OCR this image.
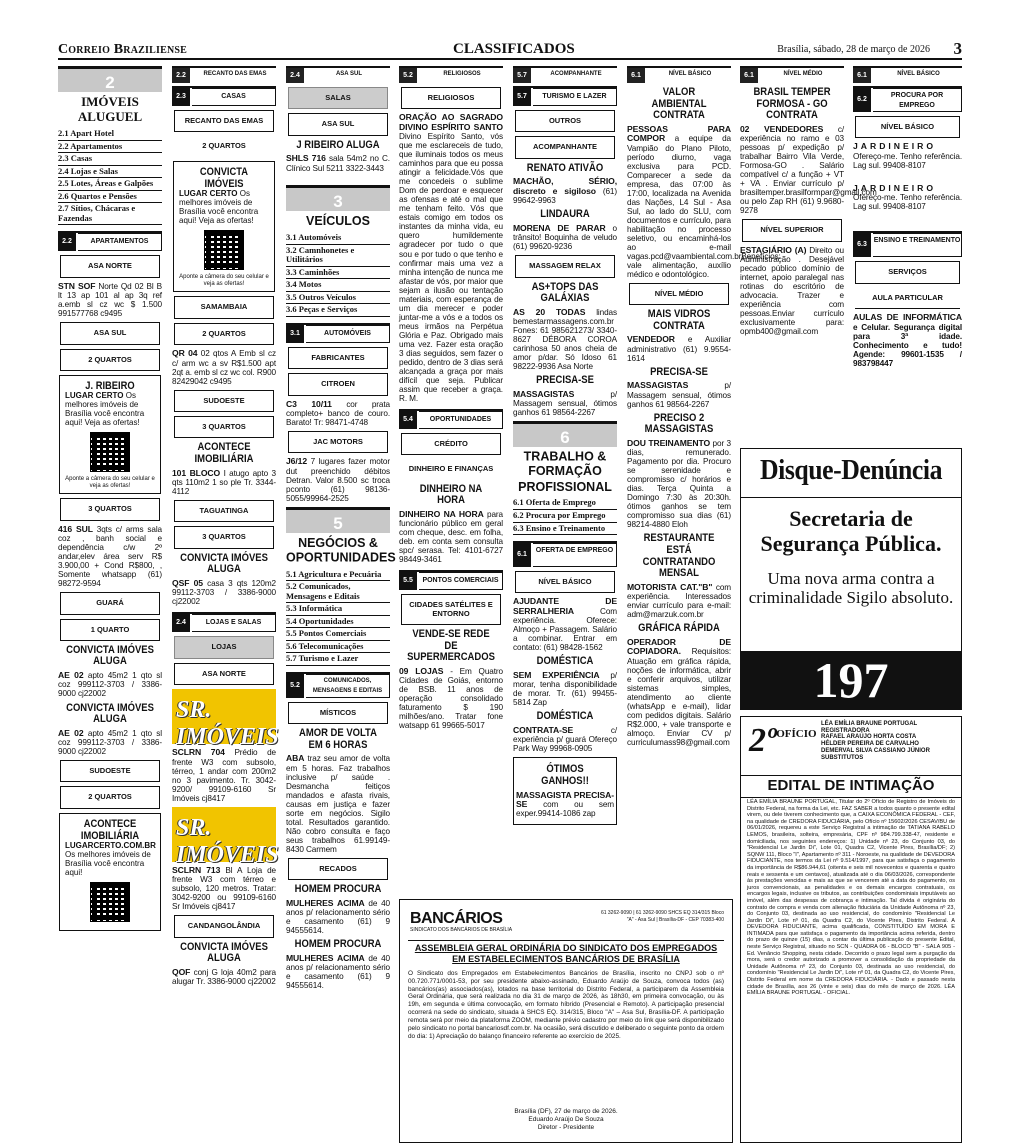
Correio Braziliense	CLASSIFICADOS	Brasília, sábado, 28 de março de 2026 3
2
IMÓVEIS ALUGUEL
2.1 Apart Hotel
2.2 Apartamentos
2.3 Casas
2.4 Lojas e Salas
2.5 Lotes, Áreas e Galpões
2.6 Quartos e Pensões
2.7 Sítios, Chácaras e Fazendas
2.2	APARTAMENTOS
ASA NORTE
STN SOF Norte Qd 02 Bl B lt 13 ap 101 al ap 3q ref a.emb sl cz wc $ 1.500 991577768 c9495
ASA SUL
2 QUARTOS
J. RIBEIRO
LUGAR CERTO Os melhores imóveis de Brasília você encontra aqui! Veja as ofertas!
Aponte a câmera do seu celular e veja as ofertas!
3 QUARTOS
416 SUL 3qts c/ arms sala coz , banh social e dependência c/w 2º andar,elev área serv R$ 3.900,00 + Cond R$800, , Somente whatsapp (61) 98272-9594
GUARÁ
1 QUARTO
CONVICTA IMÓVES ALUGA
AE 02 apto 45m2 1 qto sl coz 999112-3703 / 3386-9000 cj22002
CONVICTA IMÓVES ALUGA
AE 02 apto 45m2 1 qto sl coz 999112-3703 / 3386-9000 cj22002
SUDOESTE
2 QUARTOS
ACONTECE IMOBILIÁRIA
LUGARCERTO.COM.BR Os melhores imóveis de Brasília você encontra aqui!
2.2	RECANTO DAS EMAS
2.3	CASAS
RECANTO DAS EMAS
2 QUARTOS
CONVICTA IMÓVEIS
LUGAR CERTO Os melhores imóveis de Brasília você encontra aqui! Veja as ofertas!
Aponte a câmera do seu celular e veja as ofertas!
SAMAMBAIA
2 QUARTOS
QR 04 02 qtos A Emb sl cz c/ arm wc a sv R$1.500 apt 2qt a. emb sl cz wc col. R900 82429042 c9495
SUDOESTE
3 QUARTOS
ACONTECE IMOBILIÁRIA
101 BLOCO I atugo apto 3 qts 110m2 1 so ple Tr. 3344-4112
TAGUATINGA
3 QUARTOS
CONVICTA IMÓVES ALUGA
QSF 05 casa 3 qts 120m2 99112-3703 / 3386-9000 cj22002
2.4	LOJAS E SALAS
LOJAS
ASA NORTE
SR. IMÓVEIS
SCLRN 704 Prédio de frente W3 com subsolo, térreo, 1 andar com 200m2 no 3 pavimento. Tr. 3042-9200/ 99109-6160 Sr Imóveis cj8417
SR. IMÓVEIS
SCLRN 713 Bl A Loja de frente W3 com térreo e subsolo, 120 metros. Tratar: 3042-9200 ou 99109-6160 Sr Imóveis cj8417
CANDANGOLÂNDIA
CONVICTA IMÓVES ALUGA
QOF conj G loja 40m2 para alugar Tr. 3386-9000 cj22002
2.4	ASA SUL
SALAS
ASA SUL
J RIBEIRO ALUGA
SHLS 716 sala 54m2 no C. Clínico Sul 5211 3322-3443
3
VEÍCULOS
3.1 Automóveis
3.2 Camnhonetes e Utilitários
3.3 Caminhões
3.4 Motos
3.5 Outros Veículos
3.6 Peças e Serviços
3.1	AUTOMÓVEIS
FABRICANTES
CITROEN
C3 10/11 cor prata completo+ banco de couro. Barato! Tr: 98471-4748
JAC MOTORS
J6/12 7 lugares fazer motor dut preenchido débitos Detran. Valor 8.500 sc troca pconto (61) 98136-5055/99964-2525
5
NEGÓCIOS & OPORTUNIDADES
5.1 Agricultura e Pecuária
5.2 Comunicados, Mensagens e Editais
5.3 Informática
5.4 Oportunidades
5.5 Pontos Comerciais
5.6 Telecomunicações
5.7 Turismo e Lazer
5.2
COMUNICADOS, MENSAGENS E EDITAIS
MÍSTICOS
AMOR DE VOLTA EM 6 HORAS
ABA traz seu amor de volta em 5 horas. Faz trabalhos inclusive p/ saúde . Desmancha feitiços mandados e afasta rivais, causas em justiça e fazer sorte em negócios. Sigilo total. Resultados garantido. Não cobro consulta e faço seus trabalhos 61.99149-8430 Carmem
RECADOS
HOMEM PROCURA
MULHERES ACIMA de 40 anos p/ relacionamento sério e casamento (61) 9 94555614.
HOMEM PROCURA
MULHERES ACIMA de 40 anos p/ relacionamento sério e casamento (61) 9 94555614.
5.2	RELIGIOSOS
RELIGIOSOS
ORAÇÃO AO SAGRADO DIVINO ESPÍRITO SANTO Divino Espírito Santo, vós que me esclareceis de tudo, que iluminais todos os meus caminhos para que eu possa atingir a felicidade.Vós que me concedeis o sublime Dom de perdoar e esquecer as ofensas e até o mal que me tenham feito. Vós que estais comigo em todos os instantes da minha vida, eu quero humildemente agradecer por tudo o que sou e por tudo o que tenho e confirmar mais uma vez a minha intenção de nunca me afastar de vós, por maior que sejam a ilusão ou tentação materiais, com esperança de um dia merecer e poder juntar-me a vós e a todos os meus irmãos na Perpétua Glória e Paz. Obrigado mais uma vez. Fazer esta oração 3 dias seguidos, sem fazer o pedido, dentro de 3 dias será alcançada a graça por mais difícil que seja. Publicar assim que receber a graça. R. M.
5.4	OPORTUNIDADES
CRÉDITO
DINHEIRO E FINANÇAS
DINHEIRO NA HORA
DINHEIRO NA HORA para funcionário público em geral com cheque, desc. em folha, deb. em conta sem consulta spc/ serasa. Tel: 4101-6727 98449-3461
5.5	PONTOS COMERCIAIS
CIDADES SATÉLITES E ENTORNO
VENDE-SE REDE DE SUPERMERCADOS
09 LOJAS - Em Quatro Cidades de Goiás, entorno de BSB. 11 anos de operação consolidado faturamento $ 190 milhões/ano. Tratar fone watsapp 61 99665-5017
5.7	ACOMPANHANTE
5.7	TURISMO E LAZER
OUTROS
ACOMPANHANTE
RENATO ATIVÃO
MACHÃO, SÉRIO, discreto e sigiloso (61) 99642-9963
LINDAURA
MORENA DE PARAR o trânsito! Boquinha de veludo (61) 99620-9236
MASSAGEM RELAX
AS+TOPS DAS GALÁXIAS
AS 20 TODAS lindas bemestarmassagens.com.br Fones: 61 985621273/ 3340-8627 DÉBORA COROA carinhosa 50 anos cheia de amor p/dar. Só Idoso 61 98222-9936 Asa Norte
PRECISA-SE
MASSAGISTAS	p/ Massagem sensual, ótimos ganhos 61 98564-2267
6
TRABALHO & FORMAÇÃO PROFISSIONAL
6.1 Oferta de Emprego
6.2 Procura por Emprego
6.3 Ensino e Treinamento
6.1
OFERTA DE EMPREGO
NÍVEL BÁSICO
AJUDANTE DE SERRALHERIA	Com experiência. Oferece: Almoço + Passagem. Salário a combinar. Entrar em contato: (61) 98428-1562
DOMÉSTICA
SEM EXPERIÊNCIA p/ morar, tenha disponibilidade de morar. Tr. (61) 99455-5814 Zap
DOMÉSTICA
CONTRATA-SE	c/ experiência p/ guará Ofereço Park Way 99968-0905
ÓTIMOS GANHOS!!
MASSAGISTA PRECISA-SE com ou sem exper.99414-1086 zap
6.1	NÍVEL BÁSICO
VALOR AMBIENTAL CONTRATA
PESSOAS PARA COMPOR a equipe da Vampião do Plano Piloto, período diurno, vaga exclusiva para PCD. Comparecer a sede da empresa, das 07:00 às 17:00, localizada na Avenida das Nações, L4 Sul - Asa Sul, ao lado do SLU, com documentos e currículo, para habilitação no processo seletivo, ou encaminhá-los ao e-mail vagas.pcd@vaambiental.com.brBenefícios: vale alimentação, auxílio médico e odontológico.
NÍVEL MÉDIO
MAIS VIDROS CONTRATA
VENDEDOR e Auxiliar administrativo (61) 9.9554-1614
PRECISA-SE
MASSAGISTAS	p/ Massagem sensual, ótimos ganhos 61 98564-2267
PRECISO 2 MASSAGISTAS
DOU TREINAMENTO por 3 dias, remunerado. Pagamento por dia. Procuro se serenidade e compromisso c/ horários e dias. Terça Quinta a Domingo 7:30 às 20:30h. ótimos ganhos se tem compromisso sua dias (61) 98214-4880 Eloh
RESTAURANTE ESTÁ CONTRATANDO MENSAL
MOTORISTA CAT."B" com experiência. Interessados enviar currículo para e-mail: adm@marzuk.com.br
GRÁFICA RÁPIDA
OPERADOR DE COPIADORA. Requisitos: Atuação em gráfica rápida, noções de informática, abrir e conferir arquivos, utilizar sistemas simples, atendimento ao cliente (whatsApp e e-mail), lidar com pedidos digitais. Salário R$2.000, + vale transporte e almoço. Enviar CV p/ curriculumass98@gmail.com
6.1	NÍVEL MÉDIO
BRASIL TEMPER FORMOSA - GO CONTRATA
02 VENDEDORES c/ experiência no ramo e 03 pessoas p/ expedição p/ trabalhar Bairro Vila Verde, Formosa-GO . Salário compatível c/ a função + VT + VA . Enviar currículo p/ brasiltemper.brasilformpar@gmail.com ou pelo Zap RH (61) 9.9680-9278
NÍVEL SUPERIOR
ESTAGIÁRIO (A) Direito ou Administração . Desejável pecado público domínio de internet, apoio paralegal nas rotinas do escritório de advocacia. Trazer e experiência com pessoas.Enviar currículo exclusivamente para: opmb400@gmail.com
6.1	NÍVEL BÁSICO
6.2
PROCURA POR EMPREGO
NÍVEL BÁSICO
JARDINEIRO
Ofereço-me. Tenho referência. Lag sul. 99408-8107
JARDINEIRO
Ofereço-me. Tenho referência. Lag sul. 99408-8107
6.3
ENSINO E TREINAMENTO
SERVIÇOS
AULA PARTICULAR
AULAS DE INFORMÁTICA e Celular. Segurança digital para 3ª idade. Conhecimento e tudo! Agende: 99601-1535 / 983798447
Disque-Denúncia
Secretaria de Segurança Pública.
Uma nova arma contra a criminalidade Sigilo absoluto.
197
2º$^{OFÍCIO}$
LÉA EMÍLIA BRAUNE PORTUGAL
REGISTRADORA
RAFAEL ARAÚJO HORTA COSTA
HÉLDER PEREIRA DE CARVALHO
DEMERVAL SILVA CASSIANO JÚNIOR
SUBSTITUTOS
EDITAL DE INTIMAÇÃO
LÉA EMÍLIA BRAUNE PORTUGAL, Titular do 2º Ofício de Registro de Imóveis do Distrito Federal, na forma da Lei, etc. FAZ SABER a todos quanto o presente edital virem, ou dele tiverem conhecimento que, a CAIXA ECONÔMICA FEDERAL - CEF, na qualidade de CREDORA FIDUCIÁRIA, pelo Ofício nº 15602/2026 CESAV/BU de 06/01/2026, requereu a este Serviço Registral a intimação de TATIANA RABELO LEMOS, brasileira, solteira, empresária, CPF nº 984.799.338-47, residente e domiciliada, nos seguintes endereços: 1) Unidade nº 23, do Conjunto 03, do "Residencial Le Jardin Di", Lote 01, Quadra C2, Vicente Pires, Brasília/DF; 2) SQNW 111, Bloco "I", Apartamento nº 311 - Noroeste, na qualidade de DEVEDORA FIDUCIANTE, nos termos da Lei nº 9.514/1997, para que satisfaça o pagamento da importância de R$86.944,61 (oitenta e seis mil novecentos e quarenta e quatro reais e sessenta e um centavos), atualizada até o dia 06/03/2026, correspondente às prestações vencidas e mais as que se vencerem até a data do pagamento, os juros convencionais, as penalidades e os demais encargos contratuais, os encargos legais, inclusive os tributos, as contribuições condominiais imputáveis ao imóvel, além das despesas de cobrança e intimação. Tal dívida é originária do contrato de compra e venda com alienação fiduciária da Unidade Autônoma nº 23, do Conjunto 03, destinada ao uso residencial, do condomínio "Residencial Le Jardin Di", Lote nº 01, da Quadra C2, do Vicente Pires, Distrito Federal. A DEVEDORA FIDUCIANTE, acima qualificada, CONSTITUÍDO EM MORA E INTIMADA para que satisfaça o pagamento da importância acima referida, dentro do prazo de quinze (15) dias, a contar da última publicação do presente Edital, neste Serviço Registral, situado no SCN - QUADRA 06 - BLOCO "B" - SALA 905 - Ed. Venâncio Shopping, nesta cidade. Decorrido o prazo legal sem a purgação da mora, será o credor autorizado a promover a consolidação da propriedade da Unidade Autônoma nº 23, do Conjunto 03, destinada ao uso residencial, do condomínio "Residencial Le Jardin Di", Lote nº 01, da Quadra C2, do Vicente Pires, Distrito Federal em nome da CREDORA FIDUCIÁRIA. - Dado e passado nesta cidade de Brasília, aos 26 (vinte e seis) dias do mês de março de 2026. LÉA EMÍLIA BRAUNE PORTUGAL - OFICIAL.
BANCÁRIOS
SINDICATO DOS BANCÁRIOS DE BRASÍLIA
61 3262-9090 | 61 3262-9090 SHCS EQ 314/315 Bloco "A" - Asa Sul | Brasília-DF - CEP 70383-400
ASSEMBLEIA GERAL ORDINÁRIA DO SINDICATO DOS EMPREGADOS EM ESTABELECIMENTOS BANCÁRIOS DE BRASÍLIA
O Sindicato dos Empregados em Estabelecimentos Bancários de Brasília, inscrito no CNPJ sob o nº 00.720.771/0001-53, por seu presidente abaixo-assinado, Eduardo Araújo de Souza, convoca todos (as) bancários(as) associados(as), lotados na base territorial do Distrito Federal, a participarem da Assembleia Geral Ordinária, que será realizada no dia 31 de março de 2026, às 18h30, em primeira convocação, ou às 19h, em segunda e última convocação, em formato híbrido (Presencial e Remoto). A participação presencial ocorrerá na sede do sindicato, situada à SHCS EQ. 314/315, Bloco "A" – Asa Sul, Brasília-DF. A participação remota será por meio da plataforma ZOOM, mediante prévio cadastro por meio do link que será disponibilizado pelo sindicato no portal bancariosdf.com.br. Na ocasião, será discutido e deliberado o seguinte ponto da ordem do dia: 1) Apreciação do balanço financeiro referente ao exercício de 2025.
Brasília (DF), 27 de março de 2026.
Eduardo Araújo De Souza
Diretor - Presidente
